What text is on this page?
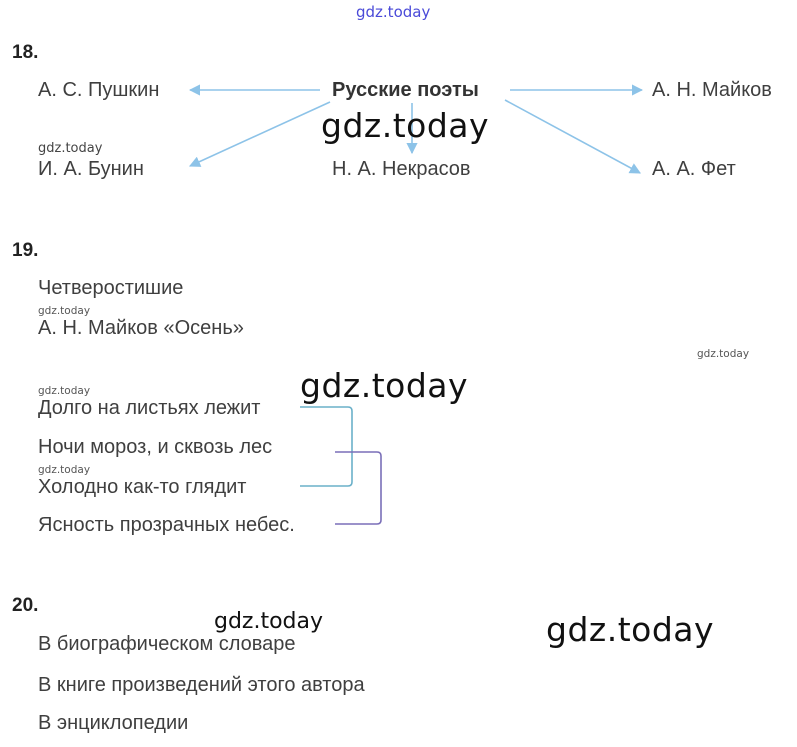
gdz.today
gdz.today
gdz.today
gdz.today
gdz.today
gdz.today
gdz.today
gdz.today
gdz.today	gdz.today
18.
Русские поэты
А. С. Пушкин
И. А. Бунин	Н. А. Некрасов
А. Н. Майков
А. А. Фет
19.
Четверостишие
А. Н. Майков «Осень»
Долго на листьях лежит
Ночи мороз, и сквозь лес
Холодно как-то глядит
Ясность прозрачных небес.
20.
В биографическом словаре
В книге произведений этого автора
В энциклопедии
